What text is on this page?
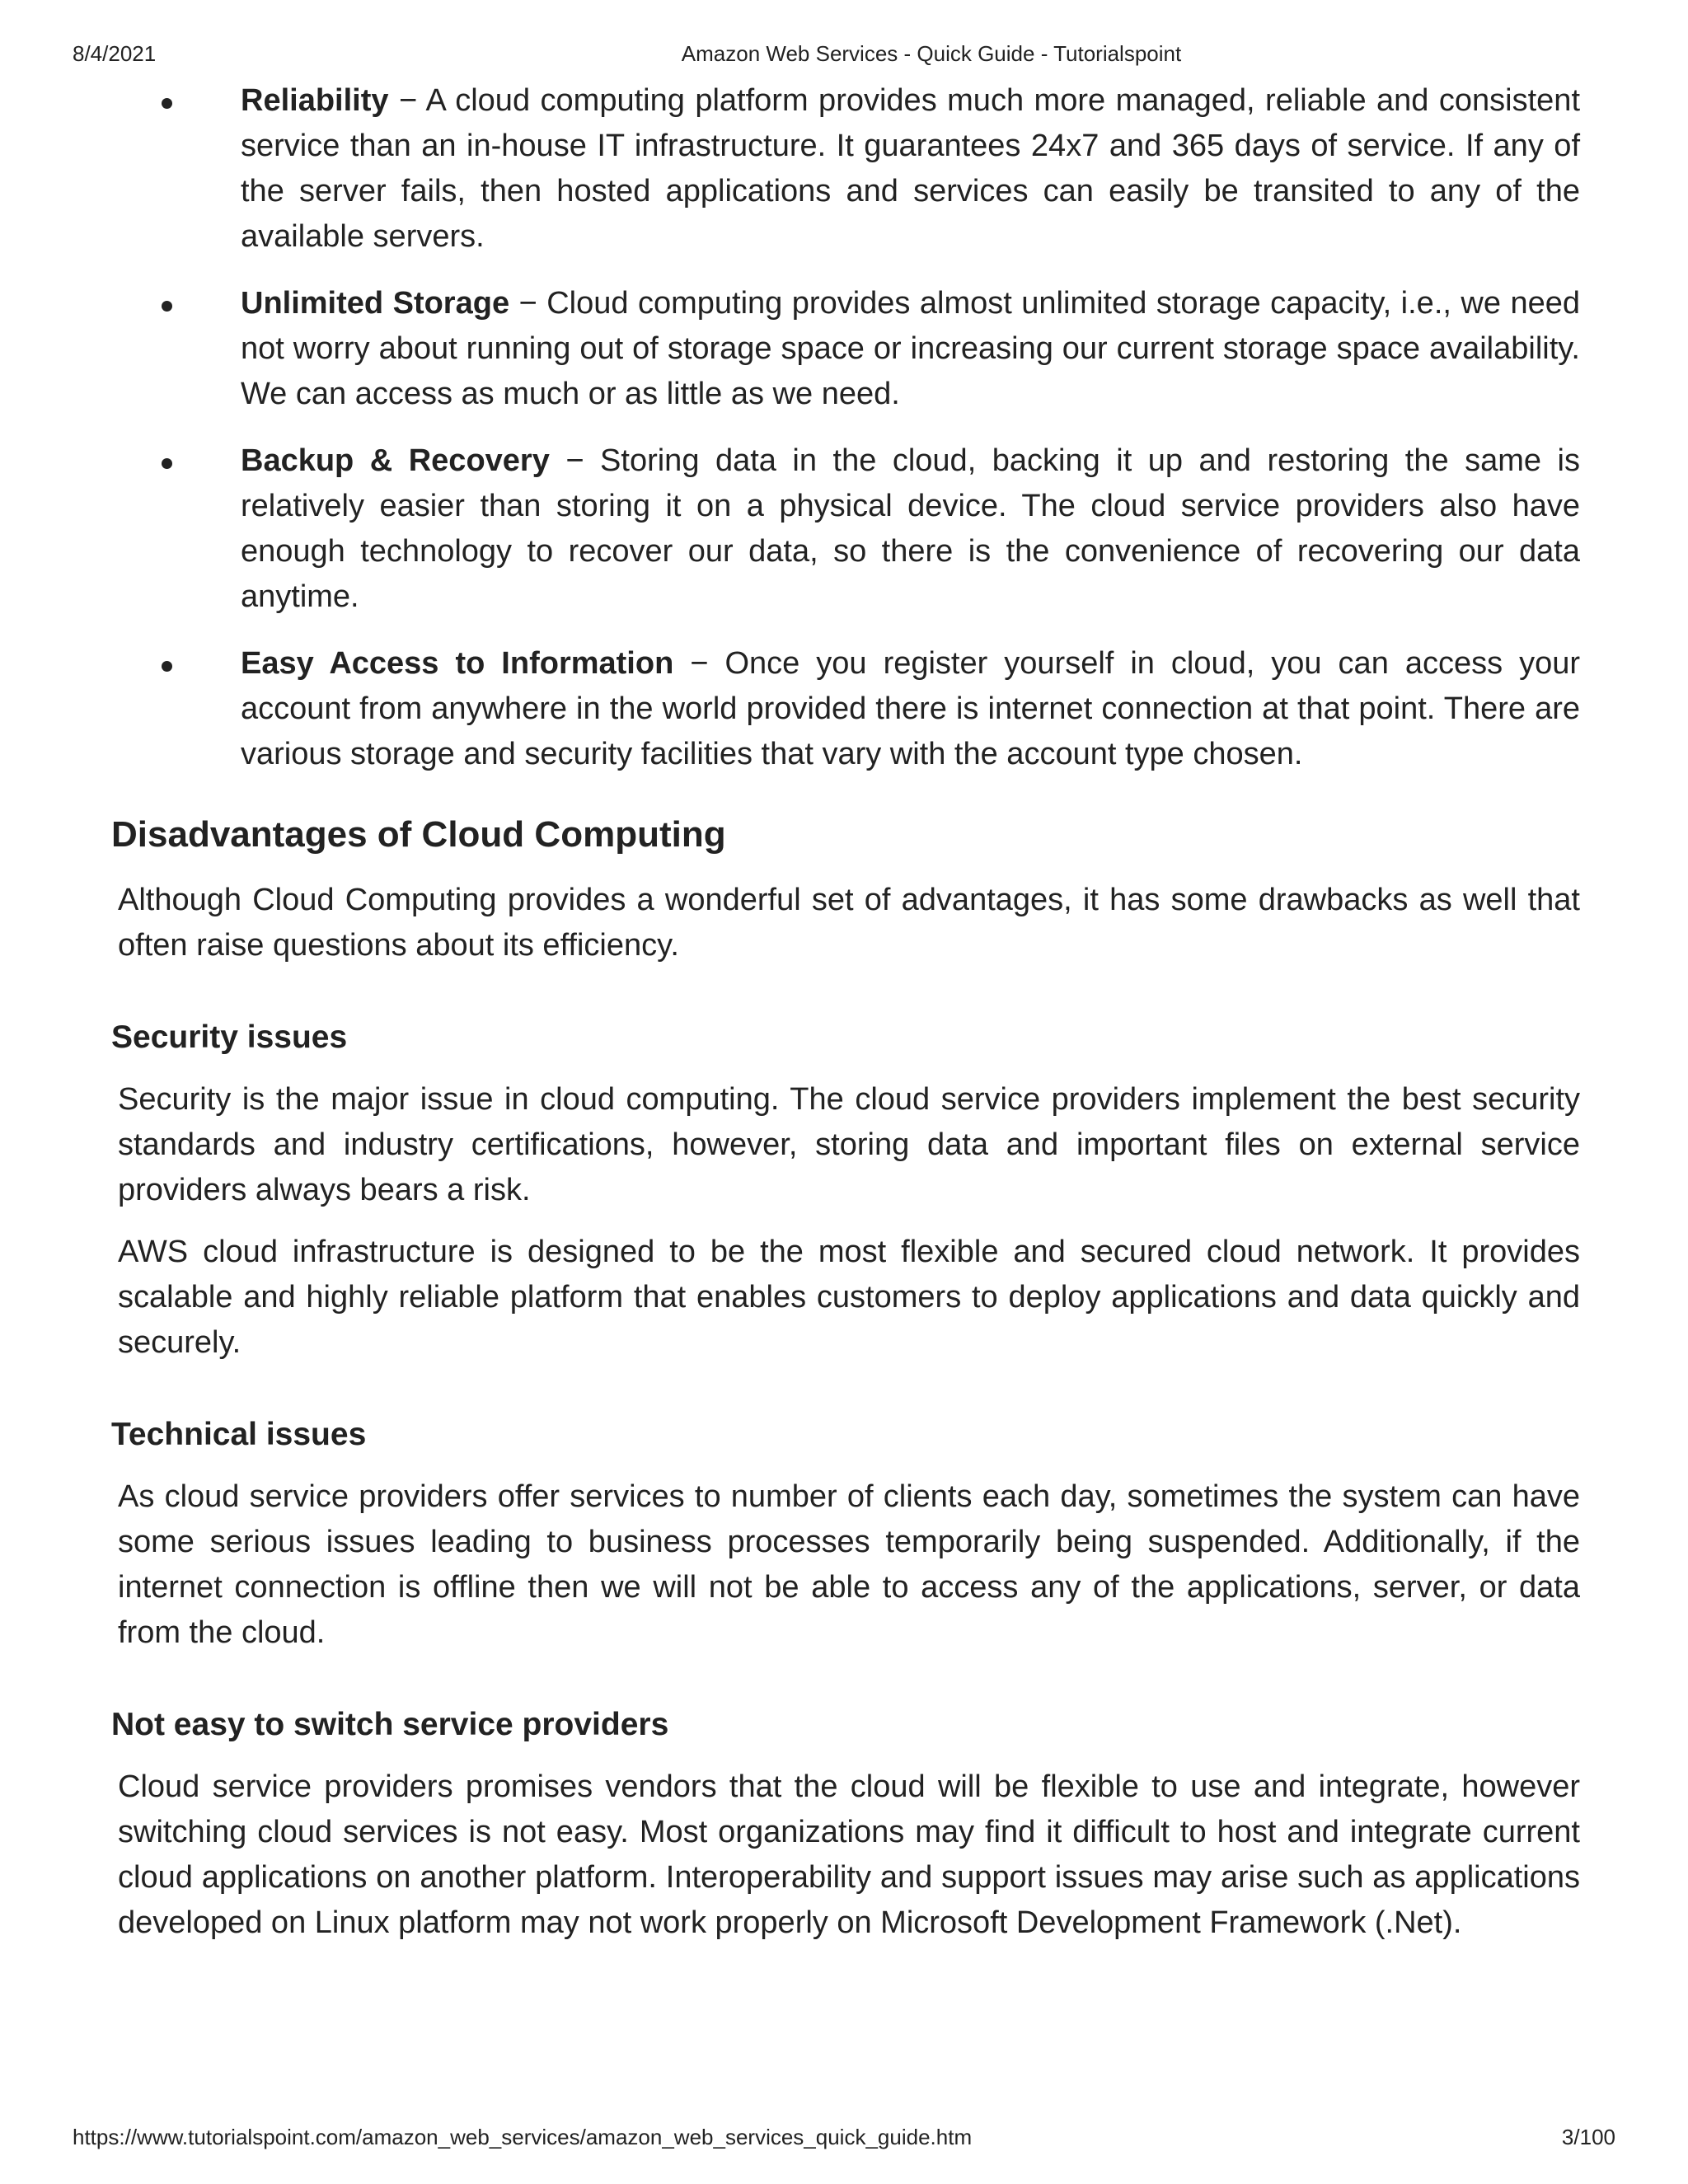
8/4/2021	Amazon Web Services - Quick Guide - Tutorialspoint
Reliability − A cloud computing platform provides much more managed, reliable and consistent service than an in-house IT infrastructure. It guarantees 24x7 and 365 days of service. If any of the server fails, then hosted applications and services can easily be transited to any of the available servers.
Unlimited Storage − Cloud computing provides almost unlimited storage capacity, i.e., we need not worry about running out of storage space or increasing our current storage space availability. We can access as much or as little as we need.
Backup & Recovery − Storing data in the cloud, backing it up and restoring the same is relatively easier than storing it on a physical device. The cloud service providers also have enough technology to recover our data, so there is the convenience of recovering our data anytime.
Easy Access to Information − Once you register yourself in cloud, you can access your account from anywhere in the world provided there is internet connection at that point. There are various storage and security facilities that vary with the account type chosen.
Disadvantages of Cloud Computing

Although Cloud Computing provides a wonderful set of advantages, it has some drawbacks as well that often raise questions about its efficiency.

Security issues

Security is the major issue in cloud computing. The cloud service providers implement the best security standards and industry certifications, however, storing data and important files on external service providers always bears a risk.

AWS cloud infrastructure is designed to be the most flexible and secured cloud network. It provides scalable and highly reliable platform that enables customers to deploy applications and data quickly and securely.

Technical issues

As cloud service providers offer services to number of clients each day, sometimes the system can have some serious issues leading to business processes temporarily being suspended. Additionally, if the internet connection is offline then we will not be able to access any of the applications, server, or data from the cloud.

Not easy to switch service providers

Cloud service providers promises vendors that the cloud will be flexible to use and integrate, however switching cloud services is not easy. Most organizations may find it difficult to host and integrate current cloud applications on another platform. Interoperability and support issues may arise such as applications developed on Linux platform may not work properly on Microsoft Development Framework (.Net).

https://www.tutorialspoint.com/amazon_web_services/amazon_web_services_quick_guide.htm	3/100
